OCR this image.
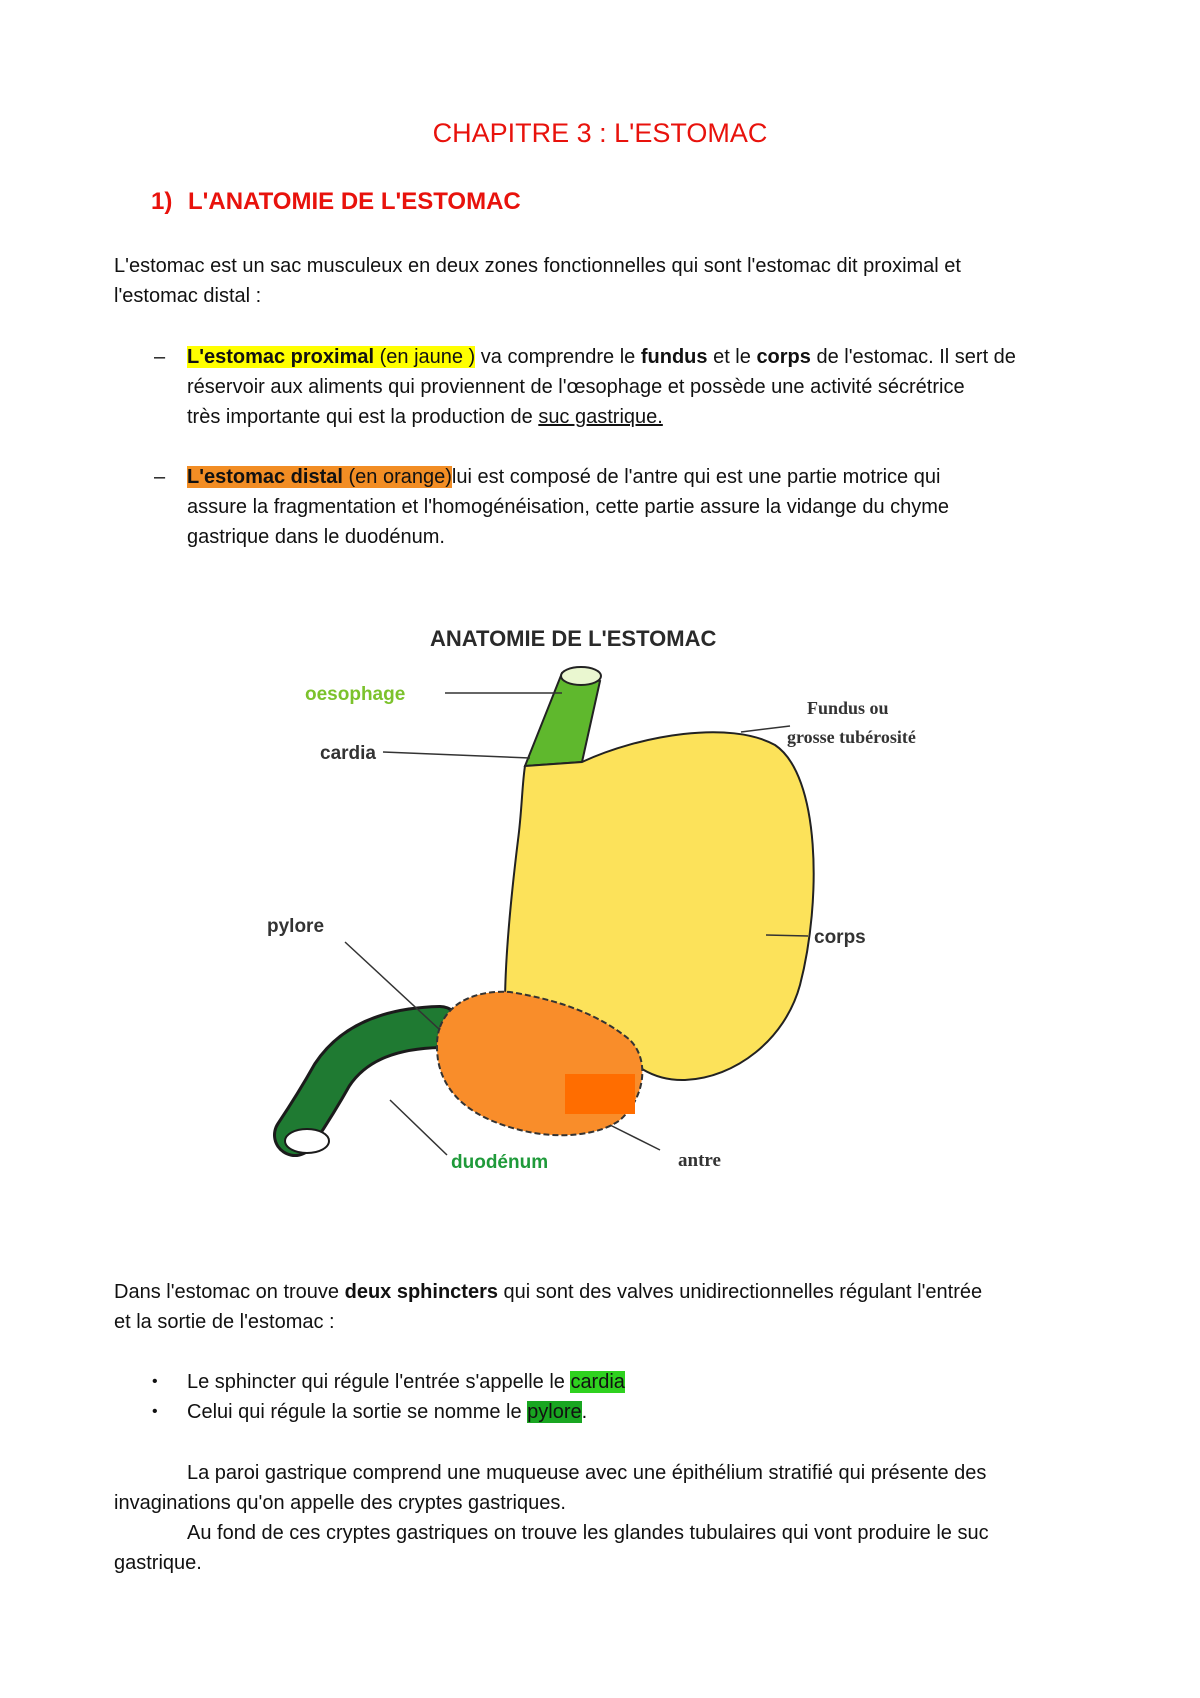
CHAPITRE 3 : L'ESTOMAC
1) L'ANATOMIE DE L'ESTOMAC
L'estomac est un sac musculeux en deux zones fonctionnelles qui sont l'estomac dit proximal et
l'estomac distal :
– L'estomac proximal (en jaune ) va comprendre le fundus et le corps de l'estomac. Il sert de
réservoir aux aliments qui proviennent de l'œsophage et possède une activité sécrétrice
très importante qui est la production de suc gastrique.
– L'estomac distal (en orange)lui est composé de l'antre qui est une partie motrice qui
assure la fragmentation et l'homogénéisation, cette partie assure la vidange du chyme
gastrique dans le duodénum.
ANATOMIE DE L'ESTOMAC
oesophage
cardia
Fundus ou
grosse tubérosité
pylore
corps
duodénum	antre
Dans l'estomac on trouve deux sphincters qui sont des valves unidirectionnelles régulant l'entrée
et la sortie de l'estomac :
• Le sphincter qui régule l'entrée s'appelle le cardia
• Celui qui régule la sortie se nomme le pylore.
La paroi gastrique comprend une muqueuse avec une épithélium stratifié qui présente des
invaginations qu'on appelle des cryptes gastriques.
Au fond de ces cryptes gastriques on trouve les glandes tubulaires qui vont produire le suc
gastrique.
